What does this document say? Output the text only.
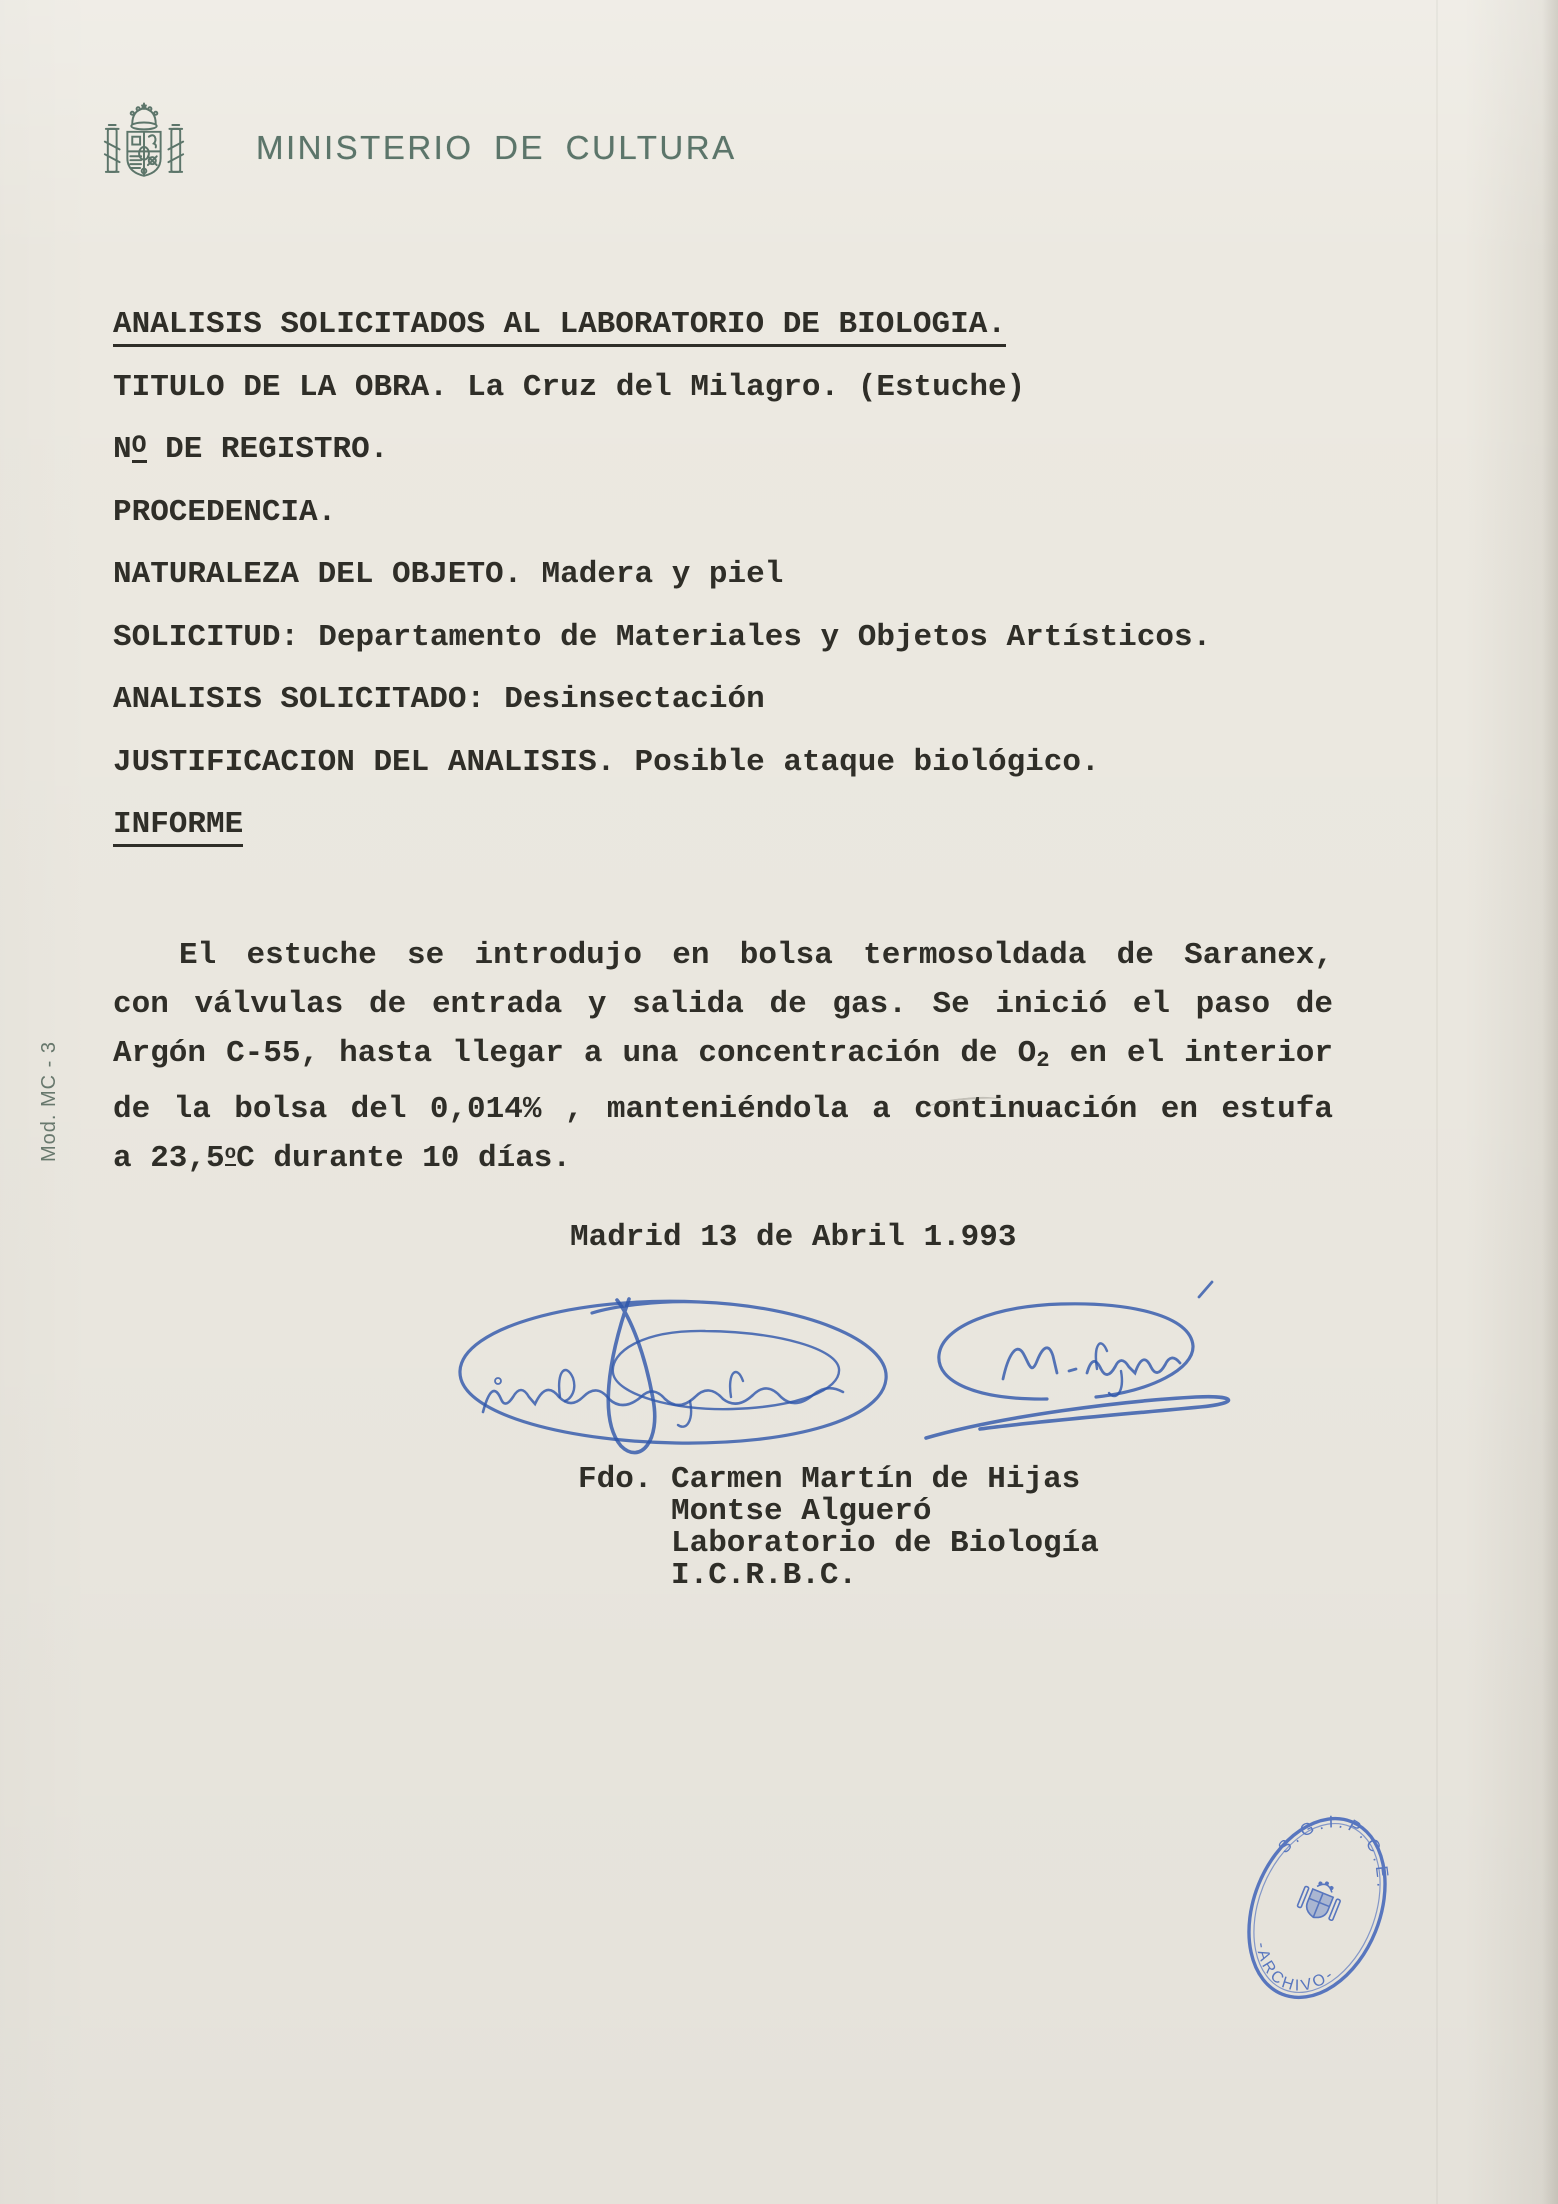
MINISTERIO DE CULTURA
Mod. MC - 3
ANALISIS SOLICITADOS AL LABORATORIO DE BIOLOGIA.
TITULO DE LA OBRA. La Cruz del Milagro. (Estuche)
NO DE REGISTRO.
PROCEDENCIA.
NATURALEZA DEL OBJETO. Madera y piel
SOLICITUD: Departamento de Materiales y Objetos Artísticos.
ANALISIS SOLICITADO: Desinsectación
JUSTIFICACION DEL ANALISIS. Posible ataque biológico.
INFORME
El estuche se introdujo en bolsa termosoldada de Saranex,
con válvulas de entrada y salida de gas. Se inició el paso de
Argón C-55, hasta llegar a una concentración de $O_2$ en el interior
de la bolsa del 0,014% , manteniéndola a continuación en estufa
a 23,5$^o$C durante 10 días.
Madrid 13 de Abril 1.993
Fdo. Carmen Martín de Hijas
Montse Algueró
Laboratorio de Biología
I.C.R.B.C.
S.G.I.P.C.E.
-ARCHIVO-
